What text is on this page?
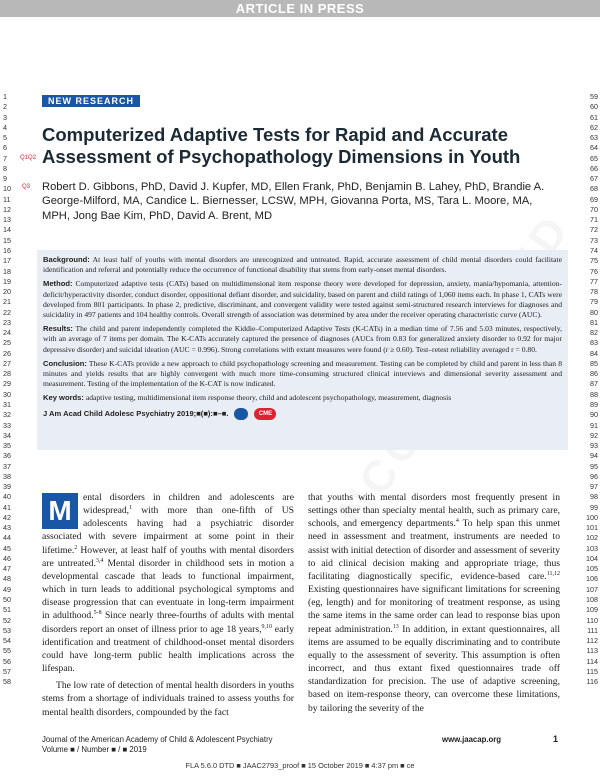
ARTICLE IN PRESS
1
2
3
4
5
6
7
8
9
10
11
12
13
14
15
16
17
18
19
20
21
22
23
24
25
26
27
28
29
30
31
32
33
34
35
36
37
38
39
40
41
42
43
44
45
46
47
48
49
50
51
52
53
54
55
56
57
58
59
60
61
62
63
64
65
66
67
68
69
70
71
72
73
74
75
76
77
78
79
80
81
82
83
84
85
86
87
88
89
90
91
92
93
94
95
96
97
98
99
100
101
102
103
104
105
106
107
108
109
110
111
112
113
114
115
116
NEW RESEARCH
Q1Q2
Computerized Adaptive Tests for Rapid and Accurate Assessment of Psychopathology Dimensions in Youth
Q3 Robert D. Gibbons, PhD, David J. Kupfer, MD, Ellen Frank, PhD, Benjamin B. Lahey, PhD, Brandie A. George-Milford, MA, Candice L. Biernesser, LCSW, MPH, Giovanna Porta, MS, Tara L. Moore, MA, MPH, Jong Bae Kim, PhD, David A. Brent, MD

Background: At least half of youths with mental disorders are unrecognized and untreated. Rapid, accurate assessment of child mental disorders could facilitate identification and referral and potentially reduce the occurrence of functional disability that stems from early-onset mental disorders.

Method: Computerized adaptive tests (CATs) based on multidimensional item response theory were developed for depression, anxiety, mania/hypomania, attention-deficit/hyperactivity disorder, conduct disorder, oppositional defiant disorder, and suicidality, based on parent and child ratings of 1,060 items each. In phase 1, CATs were developed from 801 participants. In phase 2, predictive, discriminant, and convergent validity were tested against semi-structured research interviews for diagnoses and suicidality in 497 patients and 104 healthy controls. Overall strength of association was determined by area under the receiver operating characteristic curve (AUC).

Results: The child and parent independently completed the Kiddie–Computerized Adaptive Tests (K-CATs) in a median time of 7.56 and 5.03 minutes, respectively, with an average of 7 items per domain. The K-CATs accurately captured the presence of diagnoses (AUCs from 0.83 for generalized anxiety disorder to 0.92 for major depressive disorder) and suicidal ideation (AUC = 0.996). Strong correlations with extant measures were found (r ≥ 0.60). Test–retest reliability averaged r = 0.80.

Conclusion: These K-CATs provide a new approach to child psychopathology screening and measurement. Testing can be completed by child and parent in less than 8 minutes and yields results that are highly convergent with much more time-consuming structured clinical interviews and dimensional severity assessment and measurement. Testing of the implementation of the K-CAT is now indicated.

Key words: adaptive testing, multidimensional item response theory, child and adolescent psychopathology, measurement, diagnosis

J Am Acad Child Adolesc Psychiatry 2019;■(■):■–■.	CME

M	ental disorders in children and adolescents are widespread,$^1$ with more than one-fifth of US adolescents having had a psychiatric disorder associated with severe impairment at some point in their lifetime.$^2$ However, at least half of youths with mental disorders are untreated.$^{3,4}$ Mental disorder in childhood sets in motion a developmental cascade that leads to functional impairment, which in turn leads to additional psychological symptoms and disease progression that can eventuate in long-term impairment in adulthood.$^{5-8}$ Since nearly three-fourths of adults with mental disorders report an onset of illness prior to age 18 years,$^{9,10}$ early identification and treatment of childhood-onset mental disorders could have long-term public health implications across the lifespan.

The low rate of detection of mental health disorders in youths stems from a shortage of individuals trained to assess youths for mental health disorders, compounded by the fact

that youths with mental disorders most frequently present in settings other than specialty mental health, such as primary care, schools, and emergency departments.$^4$ To help span this unmet need in assessment and treatment, instruments are needed to assist with initial detection of disorder and assessment of severity to aid clinical decision making and appropriate triage, thus facilitating diagnostically specific, evidence-based care.$^{11,12}$ Existing questionnaires have significant limitations for screening (eg, length) and for monitoring of treatment response, as using the same items in the same order can lead to response bias upon repeat administration.$^{13}$ In addition, in extant questionnaires, all items are assumed to be equally discriminating and to contribute equally to the assessment of severity. This assumption is often incorrect, and thus extant fixed questionnaires trade off standardization for precision. The use of adaptive screening, based on item-response theory, can overcome these limitations, by tailoring the severity of the

Journal of the American Academy of Child & Adolescent Psychiatry
Volume ■ / Number ■ / ■ 2019
www.jaacap.org	1
FLA 5.6.0 DTD ■ JAAC2793_proof ■ 15 October 2019 ■ 4:37 pm ■ ce
